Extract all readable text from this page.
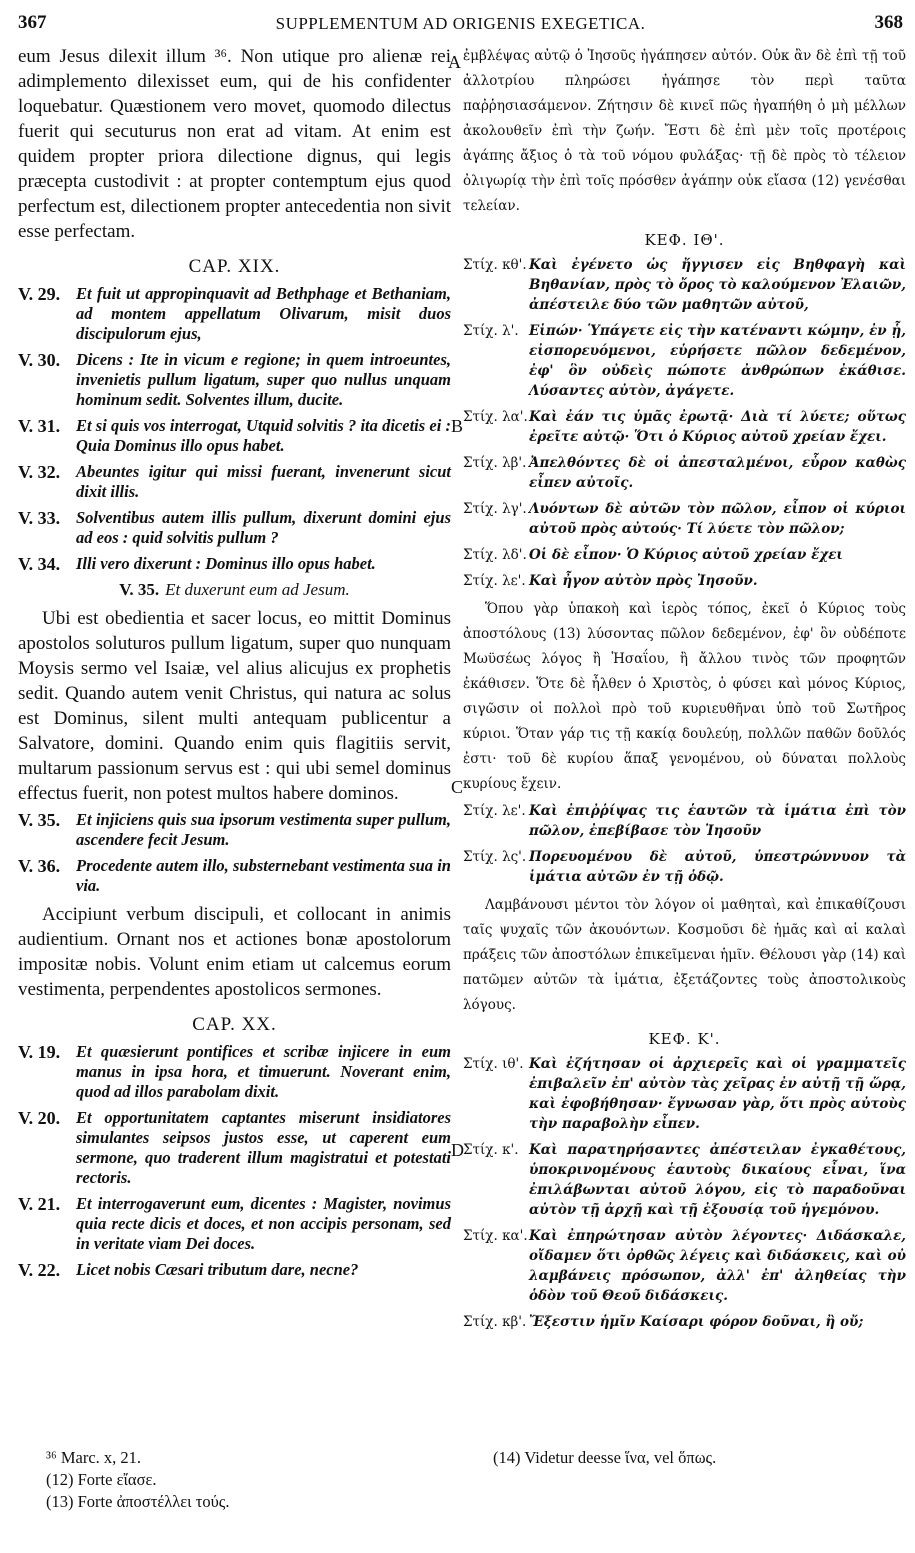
367	SUPPLEMENTUM AD ORIGENIS EXEGETICA.	368
A
B
C
D

eum Jesus dilexit illum ³⁶. Non utique pro alienæ rei adimplemento dilexisset eum, qui de his confidenter loquebatur. Quæstionem vero movet, quomodo dilectus fuerit qui secuturus non erat ad vitam. At enim est quidem propter priora dilectione dignus, qui legis præcepta custodivit : at propter contemptum ejus quod perfectum est, dilectionem propter antecedentia non sivit esse perfectam.

CAP. XIX.
V. 29. Et fuit ut appropinquavit ad Bethphage et Bethaniam, ad montem appellatum Olivarum, misit duos discipulorum ejus,
V. 30. Dicens : Ite in vicum e regione; in quem introeuntes, invenietis pullum ligatum, super quo nullus unquam hominum sedit. Solventes illum, ducite.
V. 31. Et si quis vos interrogat, Utquid solvitis ? ita dicetis ei : Quia Dominus illo opus habet.
V. 32. Abeuntes igitur qui missi fuerant, invenerunt sicut dixit illis.
V. 33. Solventibus autem illis pullum, dixerunt domini ejus ad eos : quid solvitis pullum ?
V. 34. Illi vero dixerunt : Dominus illo opus habet.
V. 35. Et duxerunt eum ad Jesum.

Ubi est obedientia et sacer locus, eo mittit Dominus apostolos soluturos pullum ligatum, super quo nunquam Moysis sermo vel Isaiæ, vel alius alicujus ex prophetis sedit. Quando autem venit Christus, qui natura ac solus est Dominus, silent multi antequam publicentur a Salvatore, domini. Quando enim quis flagitiis servit, multarum passionum servus est : qui ubi semel dominus effectus fuerit, non potest multos habere dominos.

V. 35. Et injiciens quis sua ipsorum vestimenta super pullum, ascendere fecit Jesum.
V. 36. Procedente autem illo, substernebant vestimenta sua in via.

Accipiunt verbum discipuli, et collocant in animis audientium. Ornant nos et actiones bonæ apostolorum impositæ nobis. Volunt enim etiam ut calcemus eorum vestimenta, perpendentes apostolicos sermones.

CAP. XX.
V. 19. Et quæsierunt pontifices et scribæ injicere in eum manus in ipsa hora, et timuerunt. Noverant enim, quod ad illos parabolam dixit.
V. 20. Et opportunitatem captantes miserunt insidiatores simulantes seipsos justos esse, ut caperent eum sermone, quo traderent illum magistratui et potestati rectoris.
V. 21. Et interrogaverunt eum, dicentes : Magister, novimus quia recte dicis et doces, et non accipis personam, sed in veritate viam Dei doces.
V. 22. Licet nobis Cæsari tributum dare, necne?

ἐμβλέψας αὐτῷ ὁ Ἰησοῦς ἠγάπησεν αὐτόν. Οὐκ ἂν δὲ ἐπὶ τῇ τοῦ ἀλλοτρίου πληρώσει ἠγάπησε τὸν περὶ ταῦτα παῤῥησιασάμενον. Ζήτησιν δὲ κινεῖ πῶς ἠγαπήθη ὁ μὴ μέλλων ἀκολουθεῖν ἐπὶ τὴν ζωήν. Ἔστι δὲ ἐπὶ μὲν τοῖς προτέροις ἀγάπης ἄξιος ὁ τὰ τοῦ νόμου φυλάξας· τῇ δὲ πρὸς τὸ τέλειον ὀλιγωρίᾳ τὴν ἐπὶ τοῖς πρόσθεν ἀγάπην οὐκ εἴασα (12) γενέσθαι τελείαν.

ΚΕΦ. ΙΘ'.
Στίχ. κθ'. Καὶ ἐγένετο ὡς ἤγγισεν εἰς Βηθφαγὴ καὶ Βηθανίαν, πρὸς τὸ ὄρος τὸ καλούμενον Ἐλαιῶν, ἀπέστειλε δύο τῶν μαθητῶν αὐτοῦ,
Στίχ. λ'. Εἰπών· Ὑπάγετε εἰς τὴν κατέναντι κώμην, ἐν ᾗ, εἰσπορευόμενοι, εὑρήσετε πῶλον δεδεμένον, ἐφ' ὃν οὐδεὶς πώποτε ἀνθρώπων ἐκάθισε. Λύσαντες αὐτὸν, ἀγάγετε.
Στίχ. λα'. Καὶ ἐάν τις ὑμᾶς ἐρωτᾷ· Διὰ τί λύετε; οὕτως ἐρεῖτε αὐτῷ· Ὅτι ὁ Κύριος αὐτοῦ χρείαν ἔχει.
Στίχ. λβ'. Ἀπελθόντες δὲ οἱ ἀπεσταλμένοι, εὗρον καθὼς εἶπεν αὐτοῖς.
Στίχ. λγ'. Λυόντων δὲ αὐτῶν τὸν πῶλον, εἶπον οἱ κύριοι αὐτοῦ πρὸς αὐτούς· Τί λύετε τὸν πῶλον;
Στίχ. λδ'. Οἱ δὲ εἶπον· Ὁ Κύριος αὐτοῦ χρείαν ἔχει
Στίχ. λε'. Καὶ ἦγον αὐτὸν πρὸς Ἰησοῦν.

Ὅπου γὰρ ὑπακοὴ καὶ ἱερὸς τόπος, ἐκεῖ ὁ Κύριος τοὺς ἀποστόλους (13) λύσοντας πῶλον δεδεμένον, ἐφ' ὃν οὐδέποτε Μωϋσέως λόγος ἢ Ἡσαΐου, ἢ ἄλλου τινὸς τῶν προφητῶν ἐκάθισεν. Ὅτε δὲ ἦλθεν ὁ Χριστὸς, ὁ φύσει καὶ μόνος Κύριος, σιγῶσιν οἱ πολλοὶ πρὸ τοῦ κυριευθῆναι ὑπὸ τοῦ Σωτῆρος κύριοι. Ὅταν γάρ τις τῇ κακίᾳ δουλεύῃ, πολλῶν παθῶν δοῦλός ἐστι· τοῦ δὲ κυρίου ἅπαξ γενομένου, οὐ δύναται πολλοὺς κυρίους ἔχειν.

Στίχ. λε'. Καὶ ἐπιῤῥίψας τις ἑαυτῶν τὰ ἱμάτια ἐπὶ τὸν πῶλον, ἐπεβίβασε τὸν Ἰησοῦν
Στίχ. λς'. Πορευομένου δὲ αὐτοῦ, ὑπεστρώννυον τὰ ἱμάτια αὐτῶν ἐν τῇ ὁδῷ.

Λαμβάνουσι μέντοι τὸν λόγον οἱ μαθηταὶ, καὶ ἐπικαθίζουσι ταῖς ψυχαῖς τῶν ἀκουόντων. Κοσμοῦσι δὲ ἡμᾶς καὶ αἱ καλαὶ πράξεις τῶν ἀποστόλων ἐπικεῖμεναι ἡμῖν. Θέλουσι γὰρ (14) καὶ πατῶμεν αὐτῶν τὰ ἱμάτια, ἐξετάζοντες τοὺς ἀποστολικοὺς λόγους.

ΚΕΦ. Κ'.
Στίχ. ιθ'. Καὶ ἐζήτησαν οἱ ἀρχιερεῖς καὶ οἱ γραμματεῖς ἐπιβαλεῖν ἐπ' αὐτὸν τὰς χεῖρας ἐν αὐτῇ τῇ ὥρᾳ, καὶ ἐφοβήθησαν· ἔγνωσαν γὰρ, ὅτι πρὸς αὐτοὺς τὴν παραβολὴν εἶπεν.
Στίχ. κ'. Καὶ παρατηρήσαντες ἀπέστειλαν ἐγκαθέτους, ὑποκρινομένους ἑαυτοὺς δικαίους εἶναι, ἵνα ἐπιλάβωνται αὐτοῦ λόγου, εἰς τὸ παραδοῦναι αὐτὸν τῇ ἀρχῇ καὶ τῇ ἐξουσίᾳ τοῦ ἡγεμόνου.
Στίχ. κα'. Καὶ ἐπηρώτησαν αὐτὸν λέγοντες· Διδάσκαλε, οἴδαμεν ὅτι ὀρθῶς λέγεις καὶ διδάσκεις, καὶ οὐ λαμβάνεις πρόσωπον, ἀλλ' ἐπ' ἀληθείας τὴν ὁδὸν τοῦ Θεοῦ διδάσκεις.
Στίχ. κβ'. Ἔξεστιν ἡμῖν Καίσαρι φόρον δοῦναι, ἢ οὔ;

³⁶ Marc. x, 21.

(12) Forte εἴασε.

(13) Forte ἀποστέλλει τούς.

(14) Videtur deesse ἵνα, vel ὅπως.
